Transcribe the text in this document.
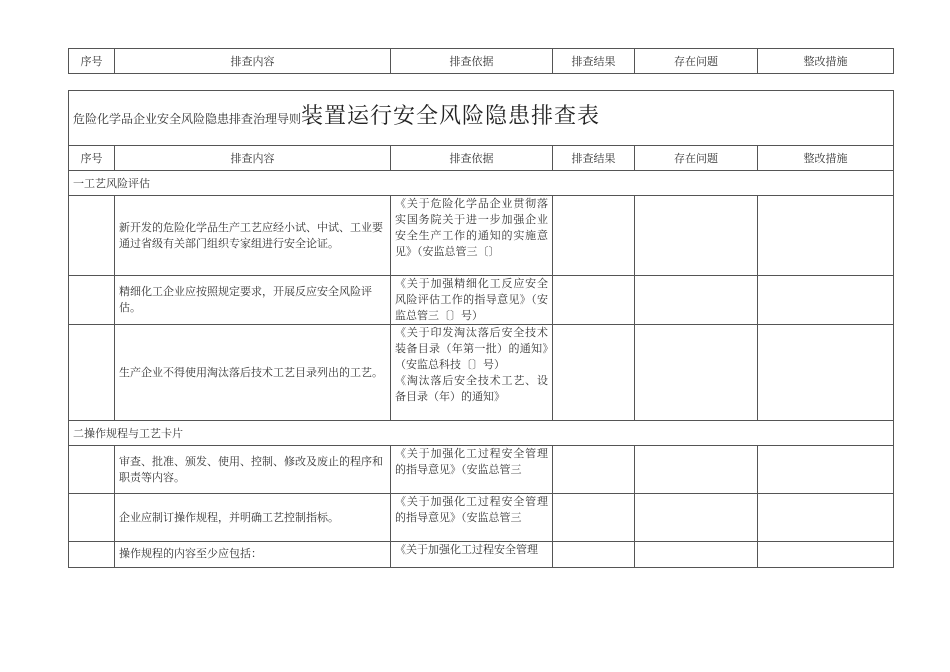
序号	排查内容	排查依据	排查结果	存在问题	整改措施
危险化学品企业安全风险隐患排查治理导则装置运行安全风险隐患排查表					
序号	排查内容	排查依据	排查结果	存在问题	整改措施
一工艺风险评估					
	新开发的危险化学品生产工艺应经小试、中试、工业要通过省级有关部门组织专家组进行安全论证。	《关于危险化学品企业贯彻落实国务院关于进一步加强企业安全生产工作的通知的实施意见》（安监总管三〔〕			

	精细化工企业应按照规定要求，开展反应安全风险评估。	《关于加强精细化工反应安全风险评估工作的指导意见》（安监总管三〔〕号）			

	生产企业不得使用淘汰落后技术工艺目录列出的工艺。	《关于印发淘汰落后安全技术装备目录（年第一批）的通知》（安监总科技〔〕号）

《淘汰落后安全技术工艺、设备目录（年）的通知》			

二操作规程与工艺卡片					
	审查、批准、颁发、使用、控制、修改及废止的程序和职责等内容。	《关于加强化工过程安全管理的指导意见》（安监总管三			

	企业应制订操作规程，并明确工艺控制指标。	《关于加强化工过程安全管理的指导意见》（安监总管三			

	操作规程的内容至少应包括：	《关于加强化工过程安全管理			
